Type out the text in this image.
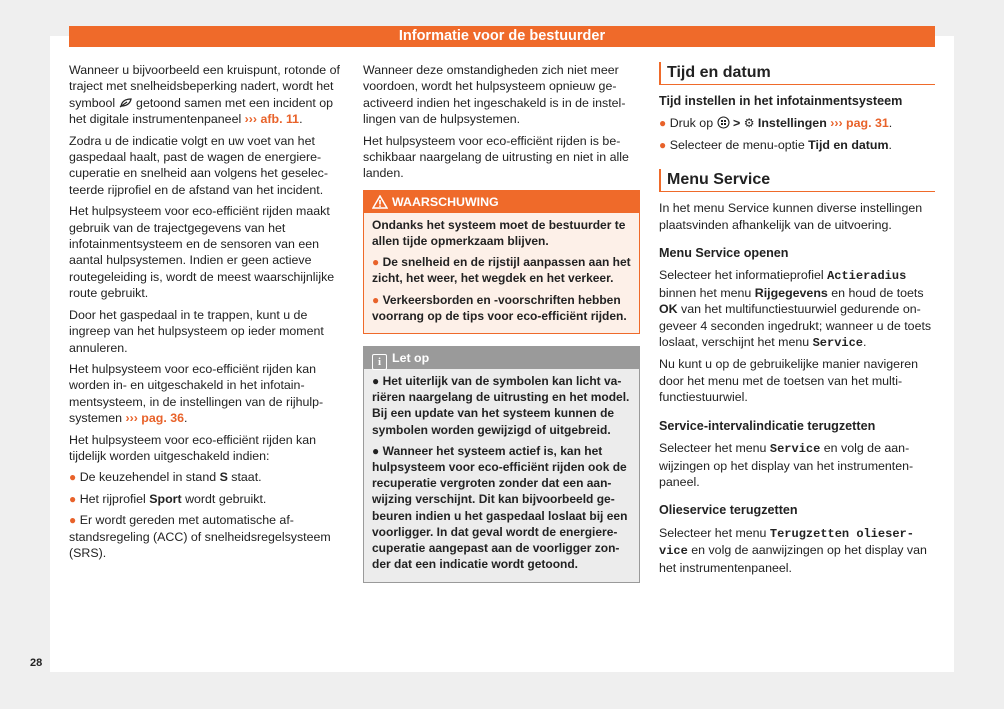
Informatie voor de bestuurder

Wanneer u bijvoorbeeld een kruispunt, rotonde of traject met snelheidsbeperking nadert, wordt het symbool getoond samen met een incident op het digitale instrumentenpaneel ››› afb. 11.

Zodra u de indicatie volgt en uw voet van het gaspedaal haalt, past de wagen de energierecuperatie en snelheid aan volgens het geselecteerde rijprofiel en de afstand van het incident.

Het hulpsysteem voor eco-efficiënt rijden maakt gebruik van de trajectgegevens van het infotainmentsysteem en de sensoren van een aantal hulpsystemen. Indien er geen actieve routegeleiding is, wordt de meest waarschijnlijke route gebruikt.

Door het gaspedaal in te trappen, kunt u de ingreep van het hulpsysteem op ieder moment annuleren.

Het hulpsysteem voor eco-efficiënt rijden kan worden in- en uitgeschakeld in het infotainmentsysteem, in de instellingen van de rijhulpsystemen ››› pag. 36.

Het hulpsysteem voor eco-efficiënt rijden kan tijdelijk worden uitgeschakeld indien:

● De keuzehendel in stand S staat.

● Het rijprofiel Sport wordt gebruikt.

● Er wordt gereden met automatische afstandsregeling (ACC) of snelheidsregelsysteem (SRS).

Wanneer deze omstandigheden zich niet meer voordoen, wordt het hulpsysteem opnieuw geactiveerd indien het ingeschakeld is in de instellingen van de hulpsystemen.

Het hulpsysteem voor eco-efficiënt rijden is beschikbaar naargelang de uitrusting en niet in alle landen.

WAARSCHUWING

Ondanks het systeem moet de bestuurder te allen tijde opmerkzaam blijven.

● De snelheid en de rijstijl aanpassen aan het zicht, het weer, het wegdek en het verkeer.

● Verkeersborden en -voorschriften hebben voorrang op de tips voor eco-efficiënt rijden.

i Let op

● Het uiterlijk van de symbolen kan licht variëren naargelang de uitrusting en het model. Bij een update van het systeem kunnen de symbolen worden gewijzigd of uitgebreid.

● Wanneer het systeem actief is, kan het hulpsysteem voor eco-efficiënt rijden ook de recuperatie vergroten zonder dat een aanwijzing verschijnt. Dit kan bijvoorbeeld gebeuren indien u het gaspedaal loslaat bij een voorligger. In dat geval wordt de energierecuperatie aangepast aan de voorligger zonder dat een indicatie wordt getoond.

Tijd en datum
Tijd instellen in het infotainmentsysteem

● Druk op > ⚙ Instellingen ››› pag. 31.

● Selecteer de menu-optie Tijd en datum.

Menu Service

In het menu Service kunnen diverse instellingen plaatsvinden afhankelijk van de uitvoering.

Menu Service openen

Selecteer het informatieprofiel Actieradius binnen het menu Rijgegevens en houd de toets OK van het multifunctiestuurwiel gedurende ongeveer 4 seconden ingedrukt; wanneer u de toets loslaat, verschijnt het menu Service.

Nu kunt u op de gebruikelijke manier navigeren door het menu met de toetsen van het multifunctiestuurwiel.

Service-intervalindicatie terugzetten

Selecteer het menu Service en volg de aanwijzingen op het display van het instrumentenpaneel.

Olieservice terugzetten

Selecteer het menu Terugzetten olieservice en volg de aanwijzingen op het display van het instrumentenpaneel.

28
